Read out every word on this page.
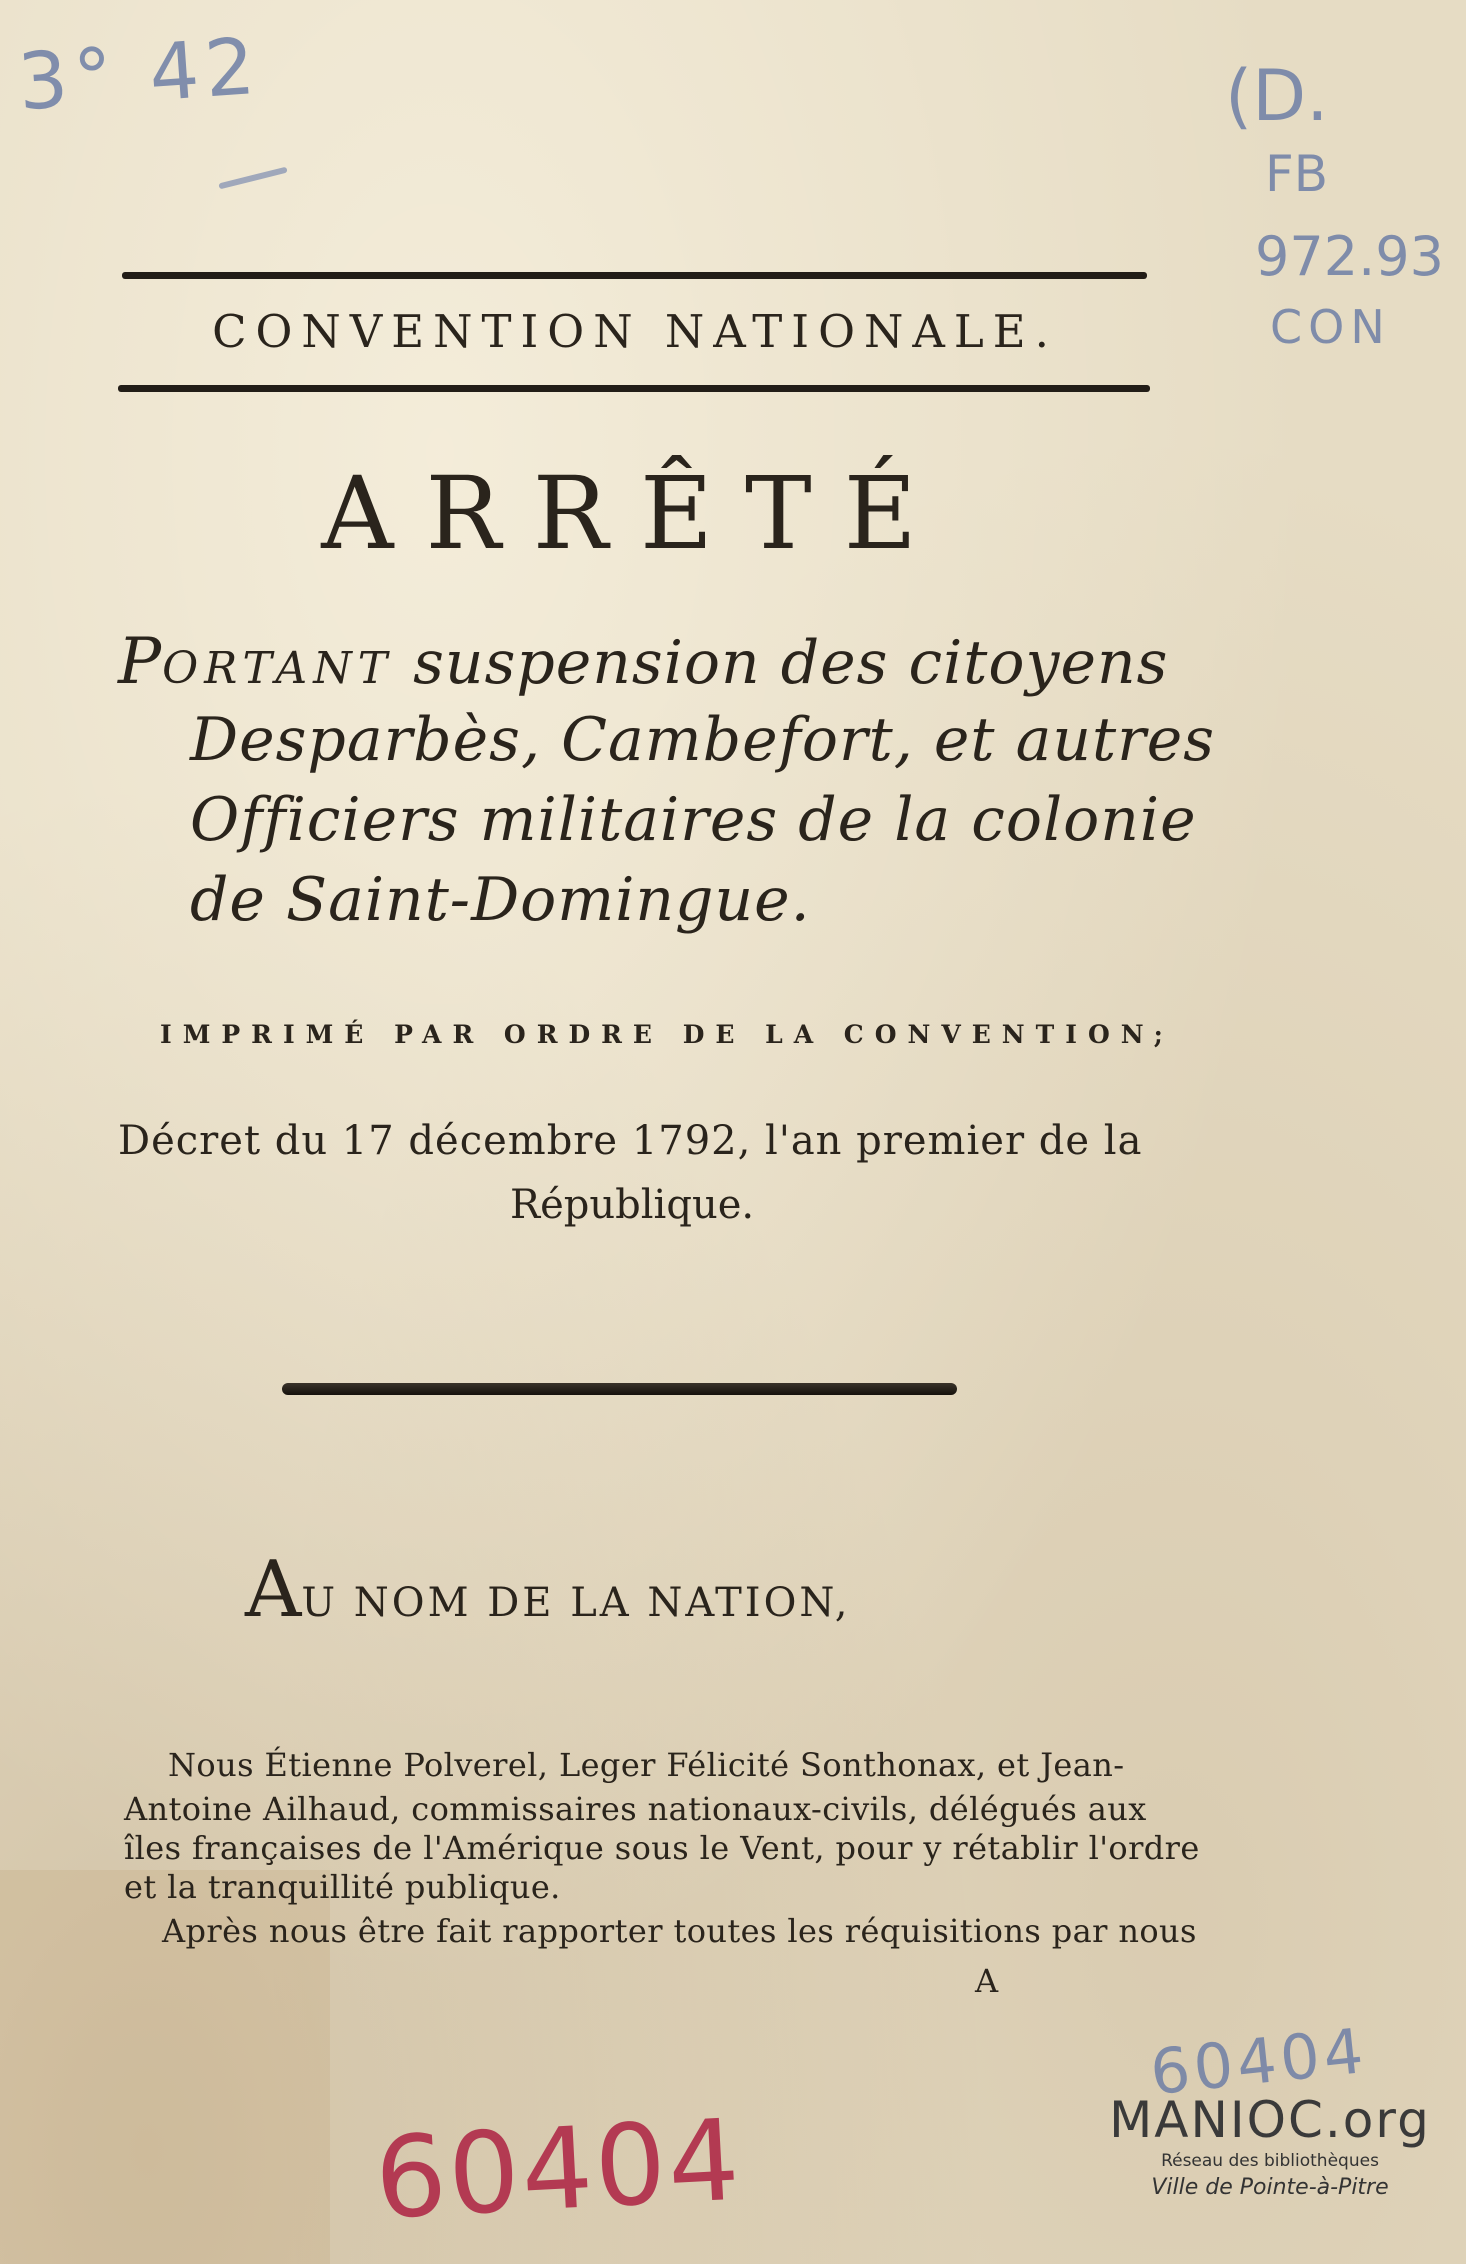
3° 42	(D.
FB
972.93
CON
CONVENTION NATIONALE.
ARRÊTÉ
PORTANT suspension des citoyens
Desparbès, Cambefort, et autres
Officiers militaires de la colonie
de Saint-Domingue.
IMPRIMÉ PAR ORDRE DE LA CONVENTION;
Décret du 17 décembre 1792, l'an premier de la
République.
AU NOM DE LA NATION,
Nous Étienne Polverel, Leger Félicité Sonthonax, et Jean-
Antoine Ailhaud, commissaires nationaux-civils, délégués aux
îles françaises de l'Amérique sous le Vent, pour y rétablir l'ordre
et la tranquillité publique.
Après nous être fait rapporter toutes les réquisitions par nous
A
60404
60404
MANIOC.org
Réseau des bibliothèques
Ville de Pointe-à-Pitre
